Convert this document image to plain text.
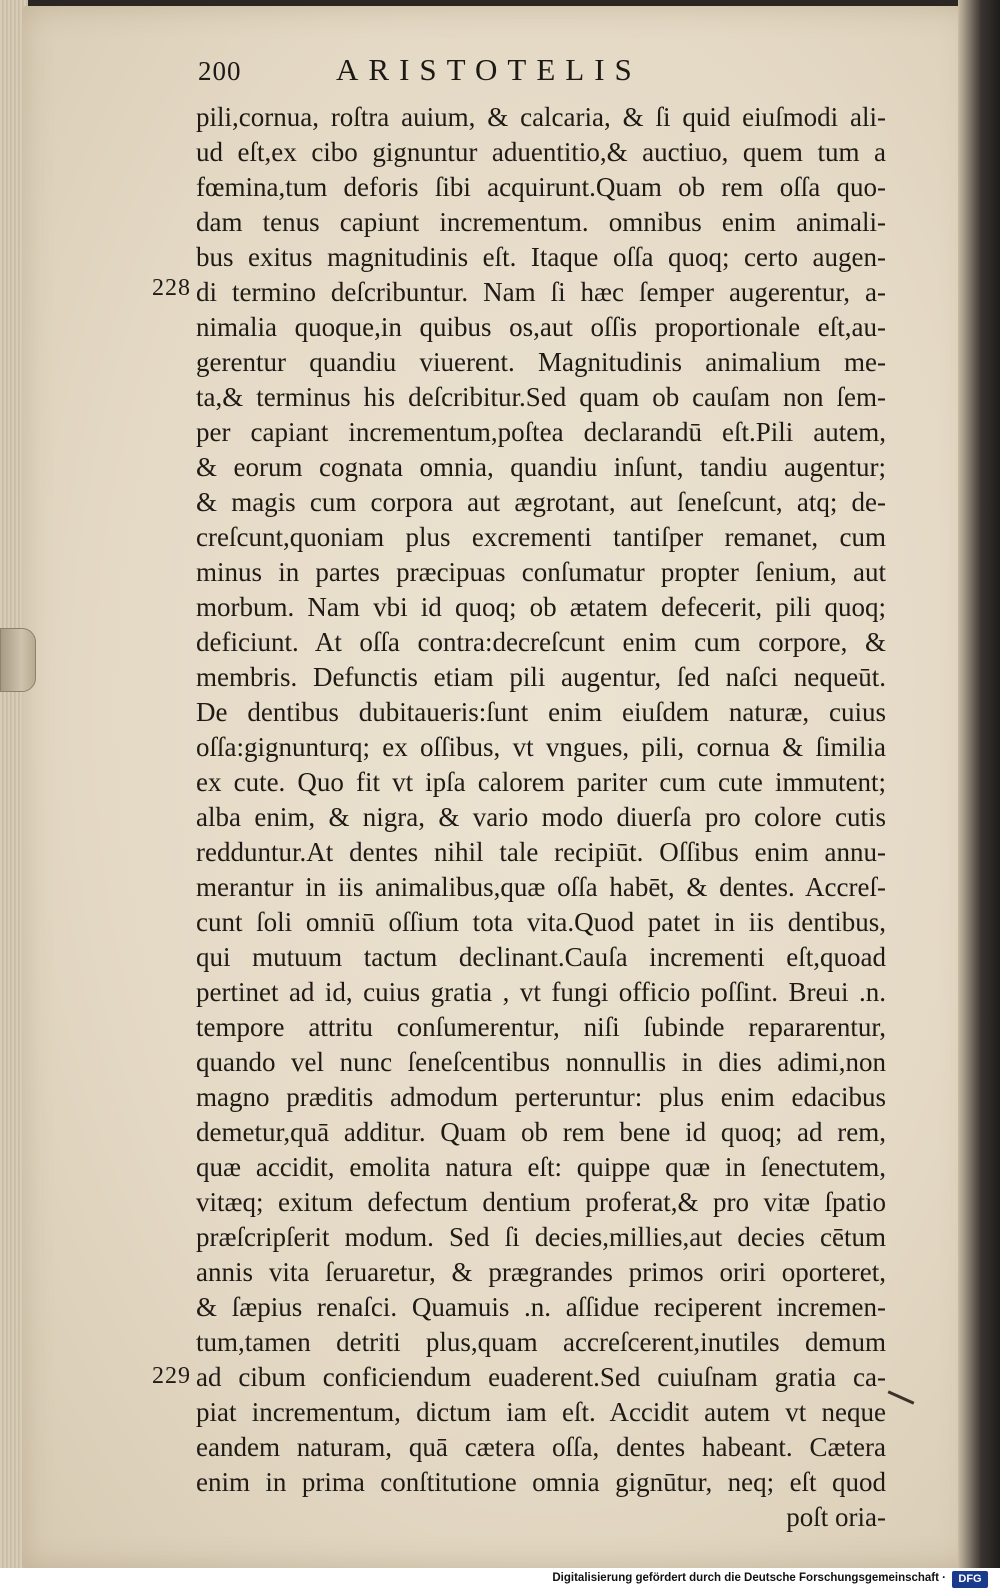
200	ARISTOTELIS
228
229
pili,cornua, roſtra auium, & calcaria, & ſi quid eiuſmodi ali-
ud eſt,ex cibo gignuntur aduentitio,& auctiuo, quem tum a
fœmina,tum deforis ſibi acquirunt.Quam ob rem oſſa quo-
dam tenus capiunt incrementum. omnibus enim animali-
bus exitus magnitudinis eſt. Itaque oſſa quoq; certo augen-
di termino deſcribuntur. Nam ſi hæc ſemper augerentur, a-
nimalia quoque,in quibus os,aut oſſis proportionale eſt,au-
gerentur quandiu viuerent. Magnitudinis animalium me-
ta,& terminus his deſcribitur.Sed quam ob cauſam non ſem-
per capiant incrementum,poſtea declarandū eſt.Pili autem,
& eorum cognata omnia, quandiu inſunt, tandiu augentur;
& magis cum corpora aut ægrotant, aut ſeneſcunt, atq; de-
creſcunt,quoniam plus excrementi tantiſper remanet, cum
minus in partes præcipuas conſumatur propter ſenium, aut
morbum. Nam vbi id quoq; ob ætatem defecerit, pili quoq;
deficiunt. At oſſa contra:decreſcunt enim cum corpore, &
membris. Defunctis etiam pili augentur, ſed naſci nequeūt.
De dentibus dubitaueris:ſunt enim eiuſdem naturæ, cuius
oſſa:gignunturq; ex oſſibus, vt vngues, pili, cornua & ſimilia
ex cute. Quo fit vt ipſa calorem pariter cum cute immutent;
alba enim, & nigra, & vario modo diuerſa pro colore cutis
redduntur.At dentes nihil tale recipiūt. Oſſibus enim annu-
merantur in iis animalibus,quæ oſſa habēt, & dentes. Accreſ-
cunt ſoli omniū oſſium tota vita.Quod patet in iis dentibus,
qui mutuum tactum declinant.Cauſa incrementi eſt,quoad
pertinet ad id, cuius gratia , vt fungi officio poſſint. Breui .n.
tempore attritu conſumerentur, niſi ſubinde repararentur,
quando vel nunc ſeneſcentibus nonnullis in dies adimi,non
magno præditis admodum perteruntur: plus enim edacibus
demetur,quā additur. Quam ob rem bene id quoq; ad rem,
quæ accidit, emolita natura eſt: quippe quæ in ſenectutem,
vitæq; exitum defectum dentium proferat,& pro vitæ ſpatio
præſcripſerit modum. Sed ſi decies,millies,aut decies cētum
annis vita ſeruaretur, & prægrandes primos oriri oporteret,
& ſæpius renaſci. Quamuis .n. aſſidue reciperent incremen-
tum,tamen detriti plus,quam accreſcerent,inutiles demum
ad cibum conficiendum euaderent.Sed cuiuſnam gratia ca-
piat incrementum, dictum iam eſt. Accidit autem vt neque
eandem naturam, quā cætera oſſa, dentes habeant. Cætera
enim in prima conſtitutione omnia gignūtur, neq; eſt quod
poſt oria-
Digitalisierung gefördert durch die Deutsche Forschungsgemeinschaft ·	DFG
